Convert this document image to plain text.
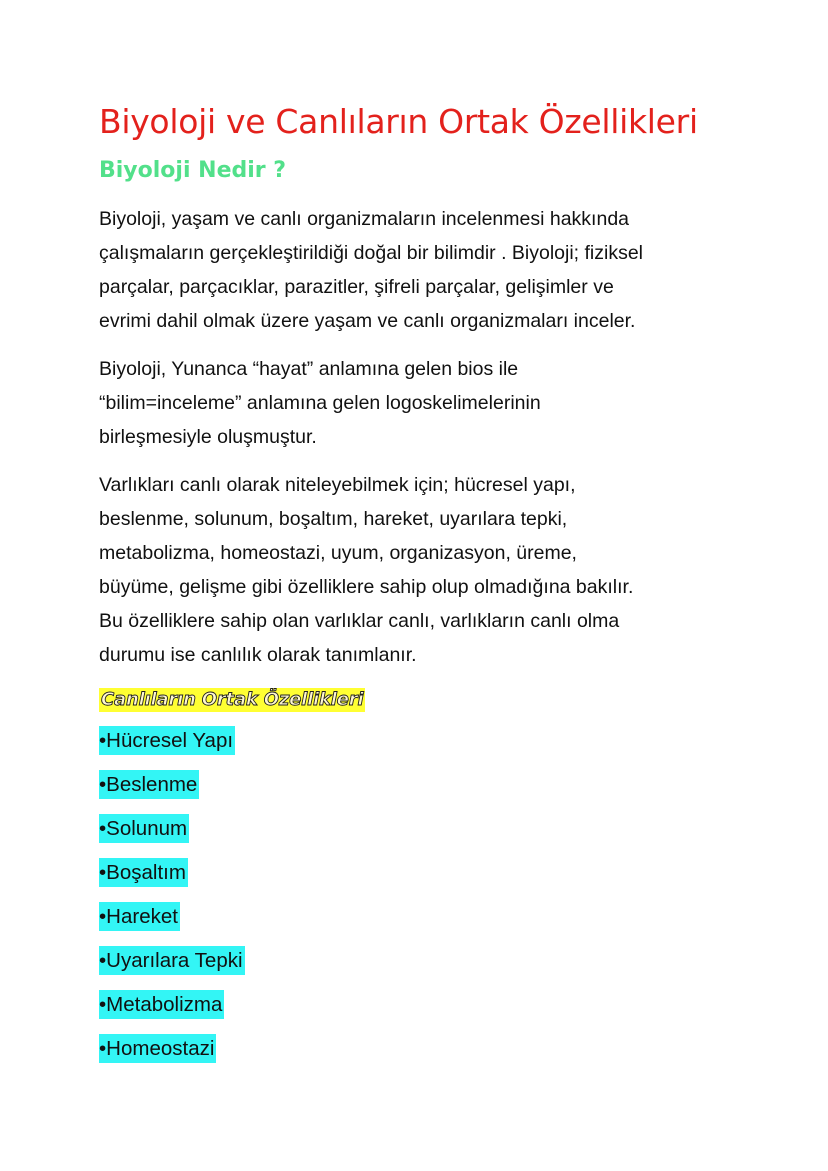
Biyoloji ve Canlıların Ortak Özellikleri
Biyoloji Nedir ?

Biyoloji, yaşam ve canlı organizmaların incelenmesi hakkında
çalışmaların gerçekleştirildiği doğal bir bilimdir . Biyoloji; fiziksel
parçalar, parçacıklar, parazitler, şifreli parçalar, gelişimler ve
evrimi dahil olmak üzere yaşam ve canlı organizmaları inceler.

Biyoloji, Yunanca “hayat” anlamına gelen bios ile
“bilim=inceleme” anlamına gelen logoskelimelerinin
birleşmesiyle oluşmuştur.

Varlıkları canlı olarak niteleyebilmek için; hücresel yapı,
beslenme, solunum, boşaltım, hareket, uyarılara tepki,
metabolizma, homeostazi, uyum, organizasyon, üreme,
büyüme, gelişme gibi özelliklere sahip olup olmadığına bakılır.
Bu özelliklere sahip olan varlıklar canlı, varlıkların canlı olma
durumu ise canlılık olarak tanımlanır.

Canlıların Ortak Özellikleri
•Hücresel Yapı
•Beslenme
•Solunum
•Boşaltım
•Hareket
•Uyarılara Tepki
•Metabolizma
•Homeostazi
